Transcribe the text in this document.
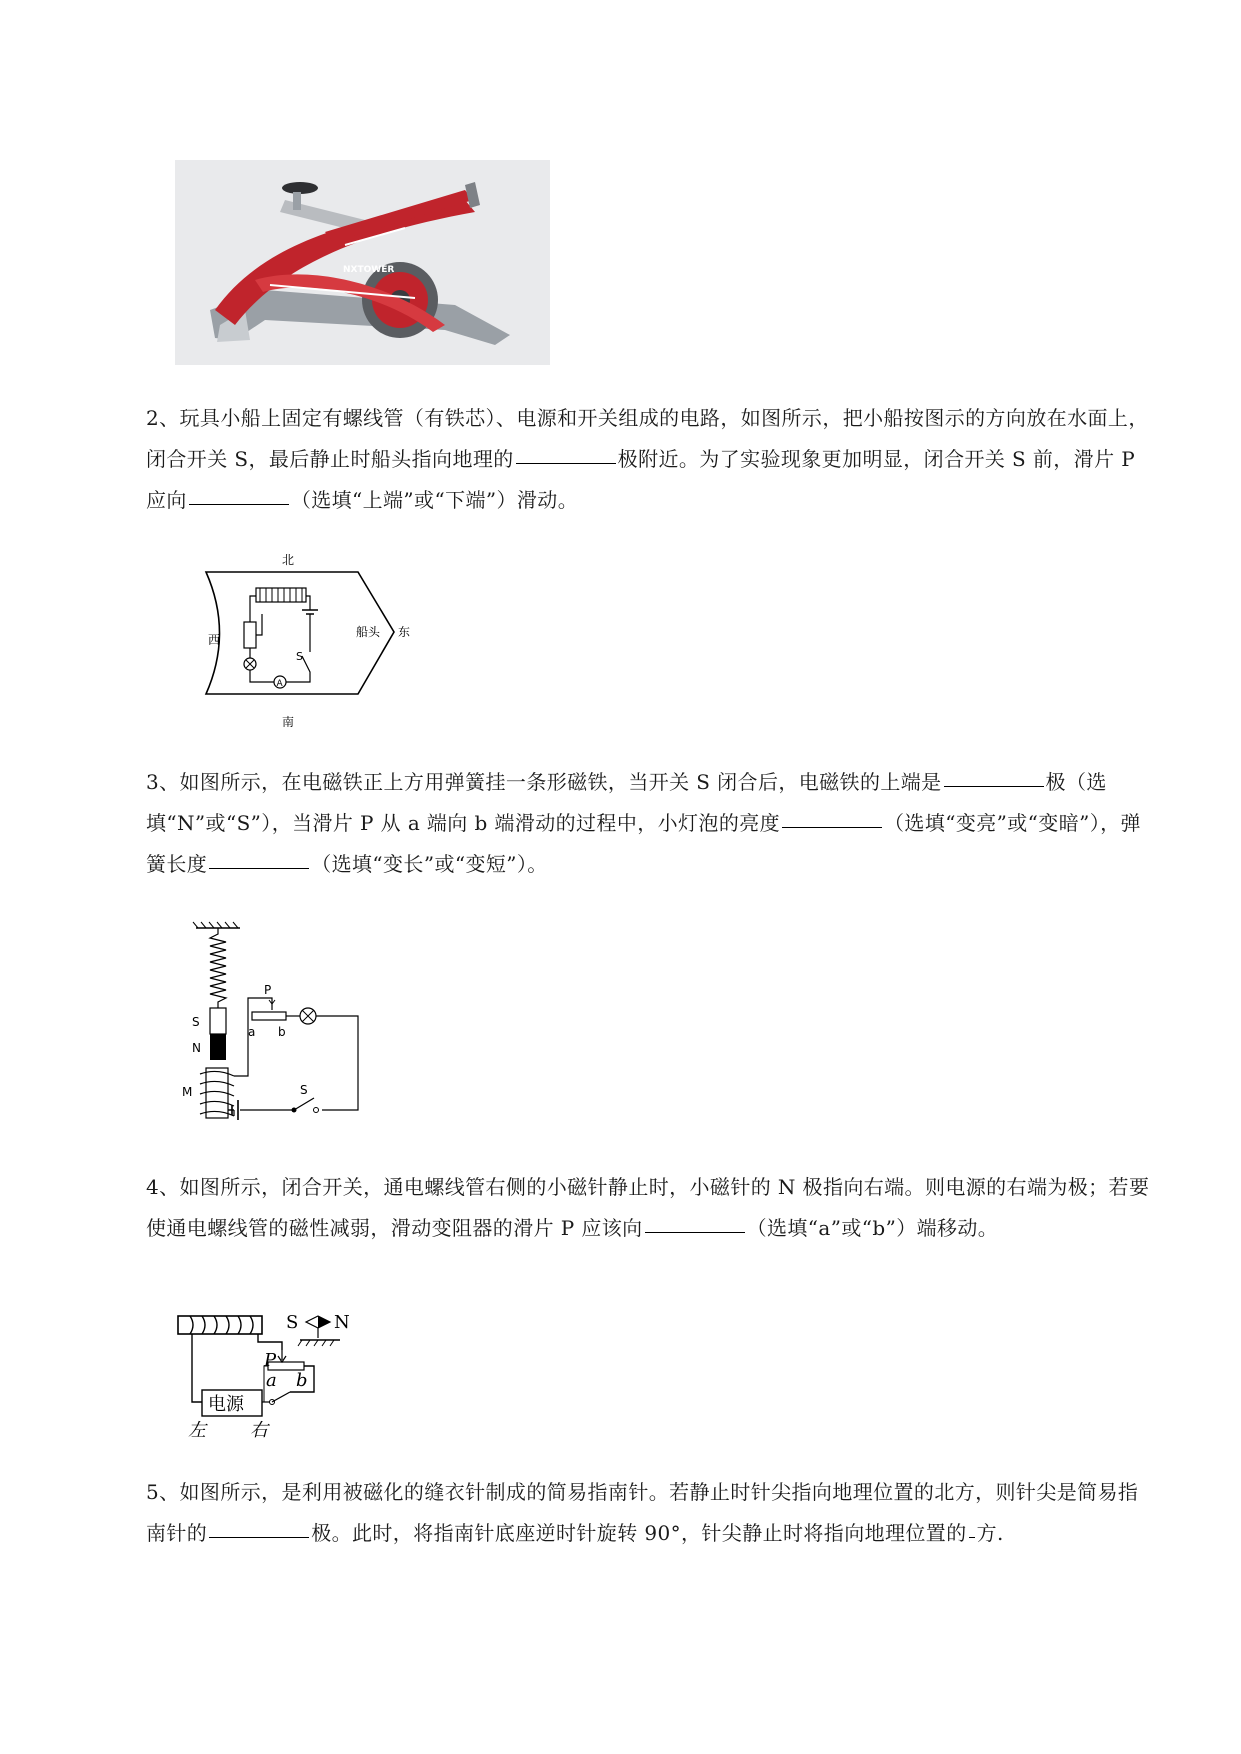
NXTOWER

2、玩具小船上固定有螺线管（有铁芯）、电源和开关组成的电路，如图所示，把小船按图示的方向放在水面上，闭合开关 S，最后静止时船头指向地理的	极附近。为了实验现象更加明显，闭合开关 S 前，滑片 P 应向	（选填“上端”或“下端”）滑动。

北
南
西
东
船头
A
S

3、如图所示，在电磁铁正上方用弹簧挂一条形磁铁，当开关 S 闭合后，电磁铁的上端是	极（选填“N”或“S”），当滑片 P 从 a 端向 b 端滑动的过程中，小灯泡的亮度	（选填“变亮”或“变暗”），弹簧长度	（选填“变长”或“变短”）。

S
N
M
P
a b
S

4、如图所示，闭合开关，通电螺线管右侧的小磁针静止时，小磁针的 N 极指向右端。则电源的右端为极；若要使通电螺线管的磁性减弱，滑动变阻器的滑片 P 应该向	（选填“a”或“b”）端移动。

S N
P
b
a
电源
左 右

5、如图所示，是利用被磁化的缝衣针制成的简易指南针。若静止时针尖指向地理位置的北方，则针尖是简易指南针的	极。此时，将指南针底座逆时针旋转 90°，针尖静止时将指向地理位置的 方.
